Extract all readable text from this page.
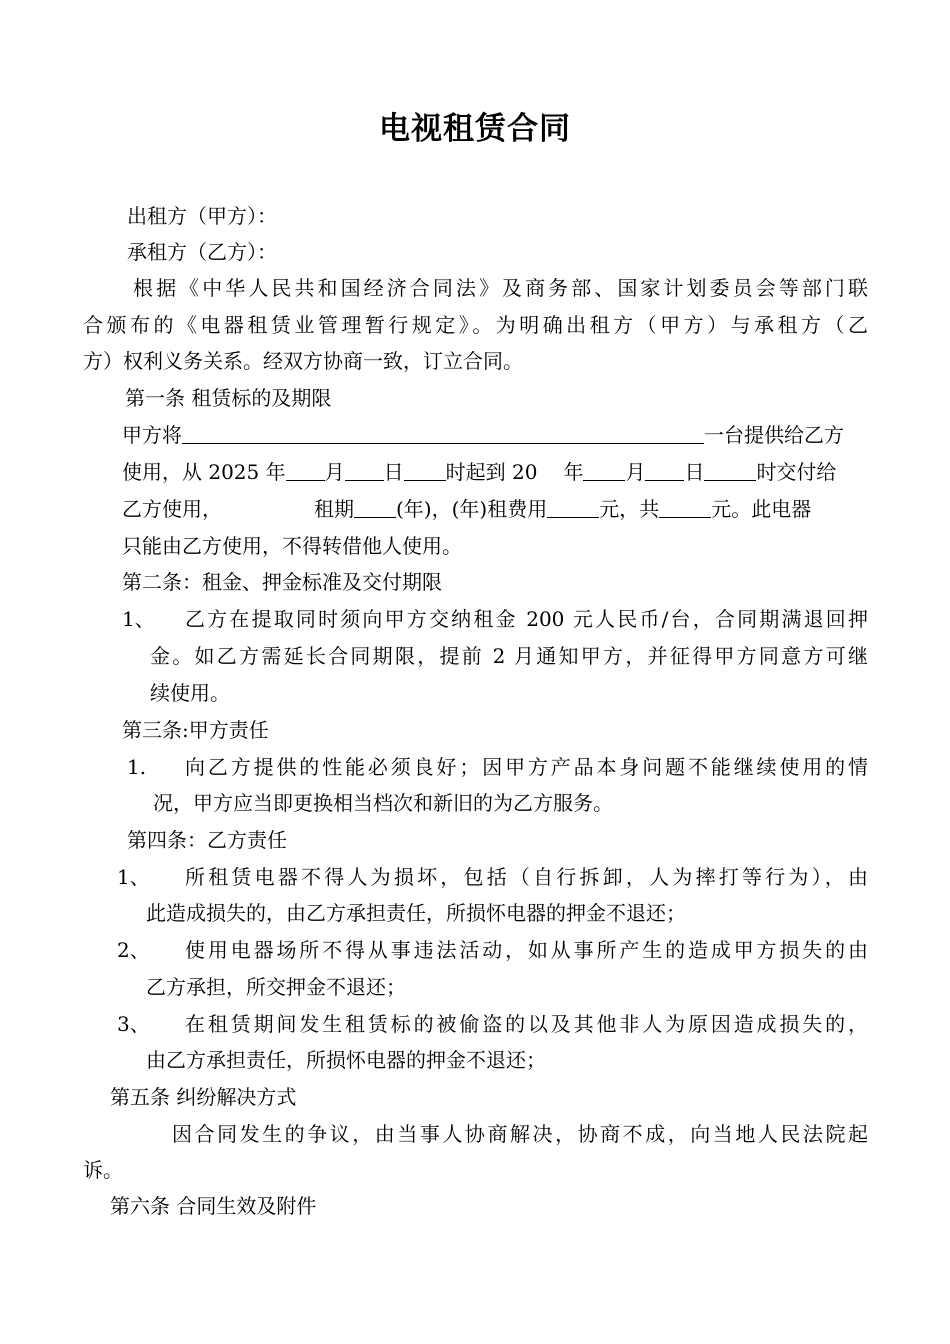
电视租赁合同
出租方（甲方）：
承租方（乙方）：
根据《中华人民共和国经济合同法》及商务部、国家计划委员会等部门联
合颁布的《电器租赁业管理暂行规定》。为明确出租方（甲方）与承租方（乙
方）权利义务关系。经双方协商一致，订立合同。
第一条 租赁标的及期限
甲方将	一台提供给乙方
使用，从 2025 年 月 日 时起到 20 年 月 日	时交付给
乙方使用，	租期 (年)，(年)租费用	元，共	元。此电器
只能由乙方使用，不得转借他人使用。
第二条：租金、押金标准及交付期限
1、 乙方在提取同时须向甲方交纳租金 200 元人民币/台，合同期满退回押
金。如乙方需延长合同期限，提前 2 月通知甲方，并征得甲方同意方可继
续使用。
第三条:甲方责任
1. 向乙方提供的性能必须良好；因甲方产品本身问题不能继续使用的情
况，甲方应当即更换相当档次和新旧的为乙方服务。
第四条：乙方责任
1、 所租赁电器不得人为损坏，包括（自行拆卸，人为摔打等行为），由
此造成损失的，由乙方承担责任，所损怀电器的押金不退还；
2、 使用电器场所不得从事违法活动，如从事所产生的造成甲方损失的由
乙方承担，所交押金不退还；
3、 在租赁期间发生租赁标的被偷盗的以及其他非人为原因造成损失的，
由乙方承担责任，所损怀电器的押金不退还；
第五条 纠纷解决方式
因合同发生的争议，由当事人协商解决，协商不成，向当地人民法院起
诉。
第六条 合同生效及附件
